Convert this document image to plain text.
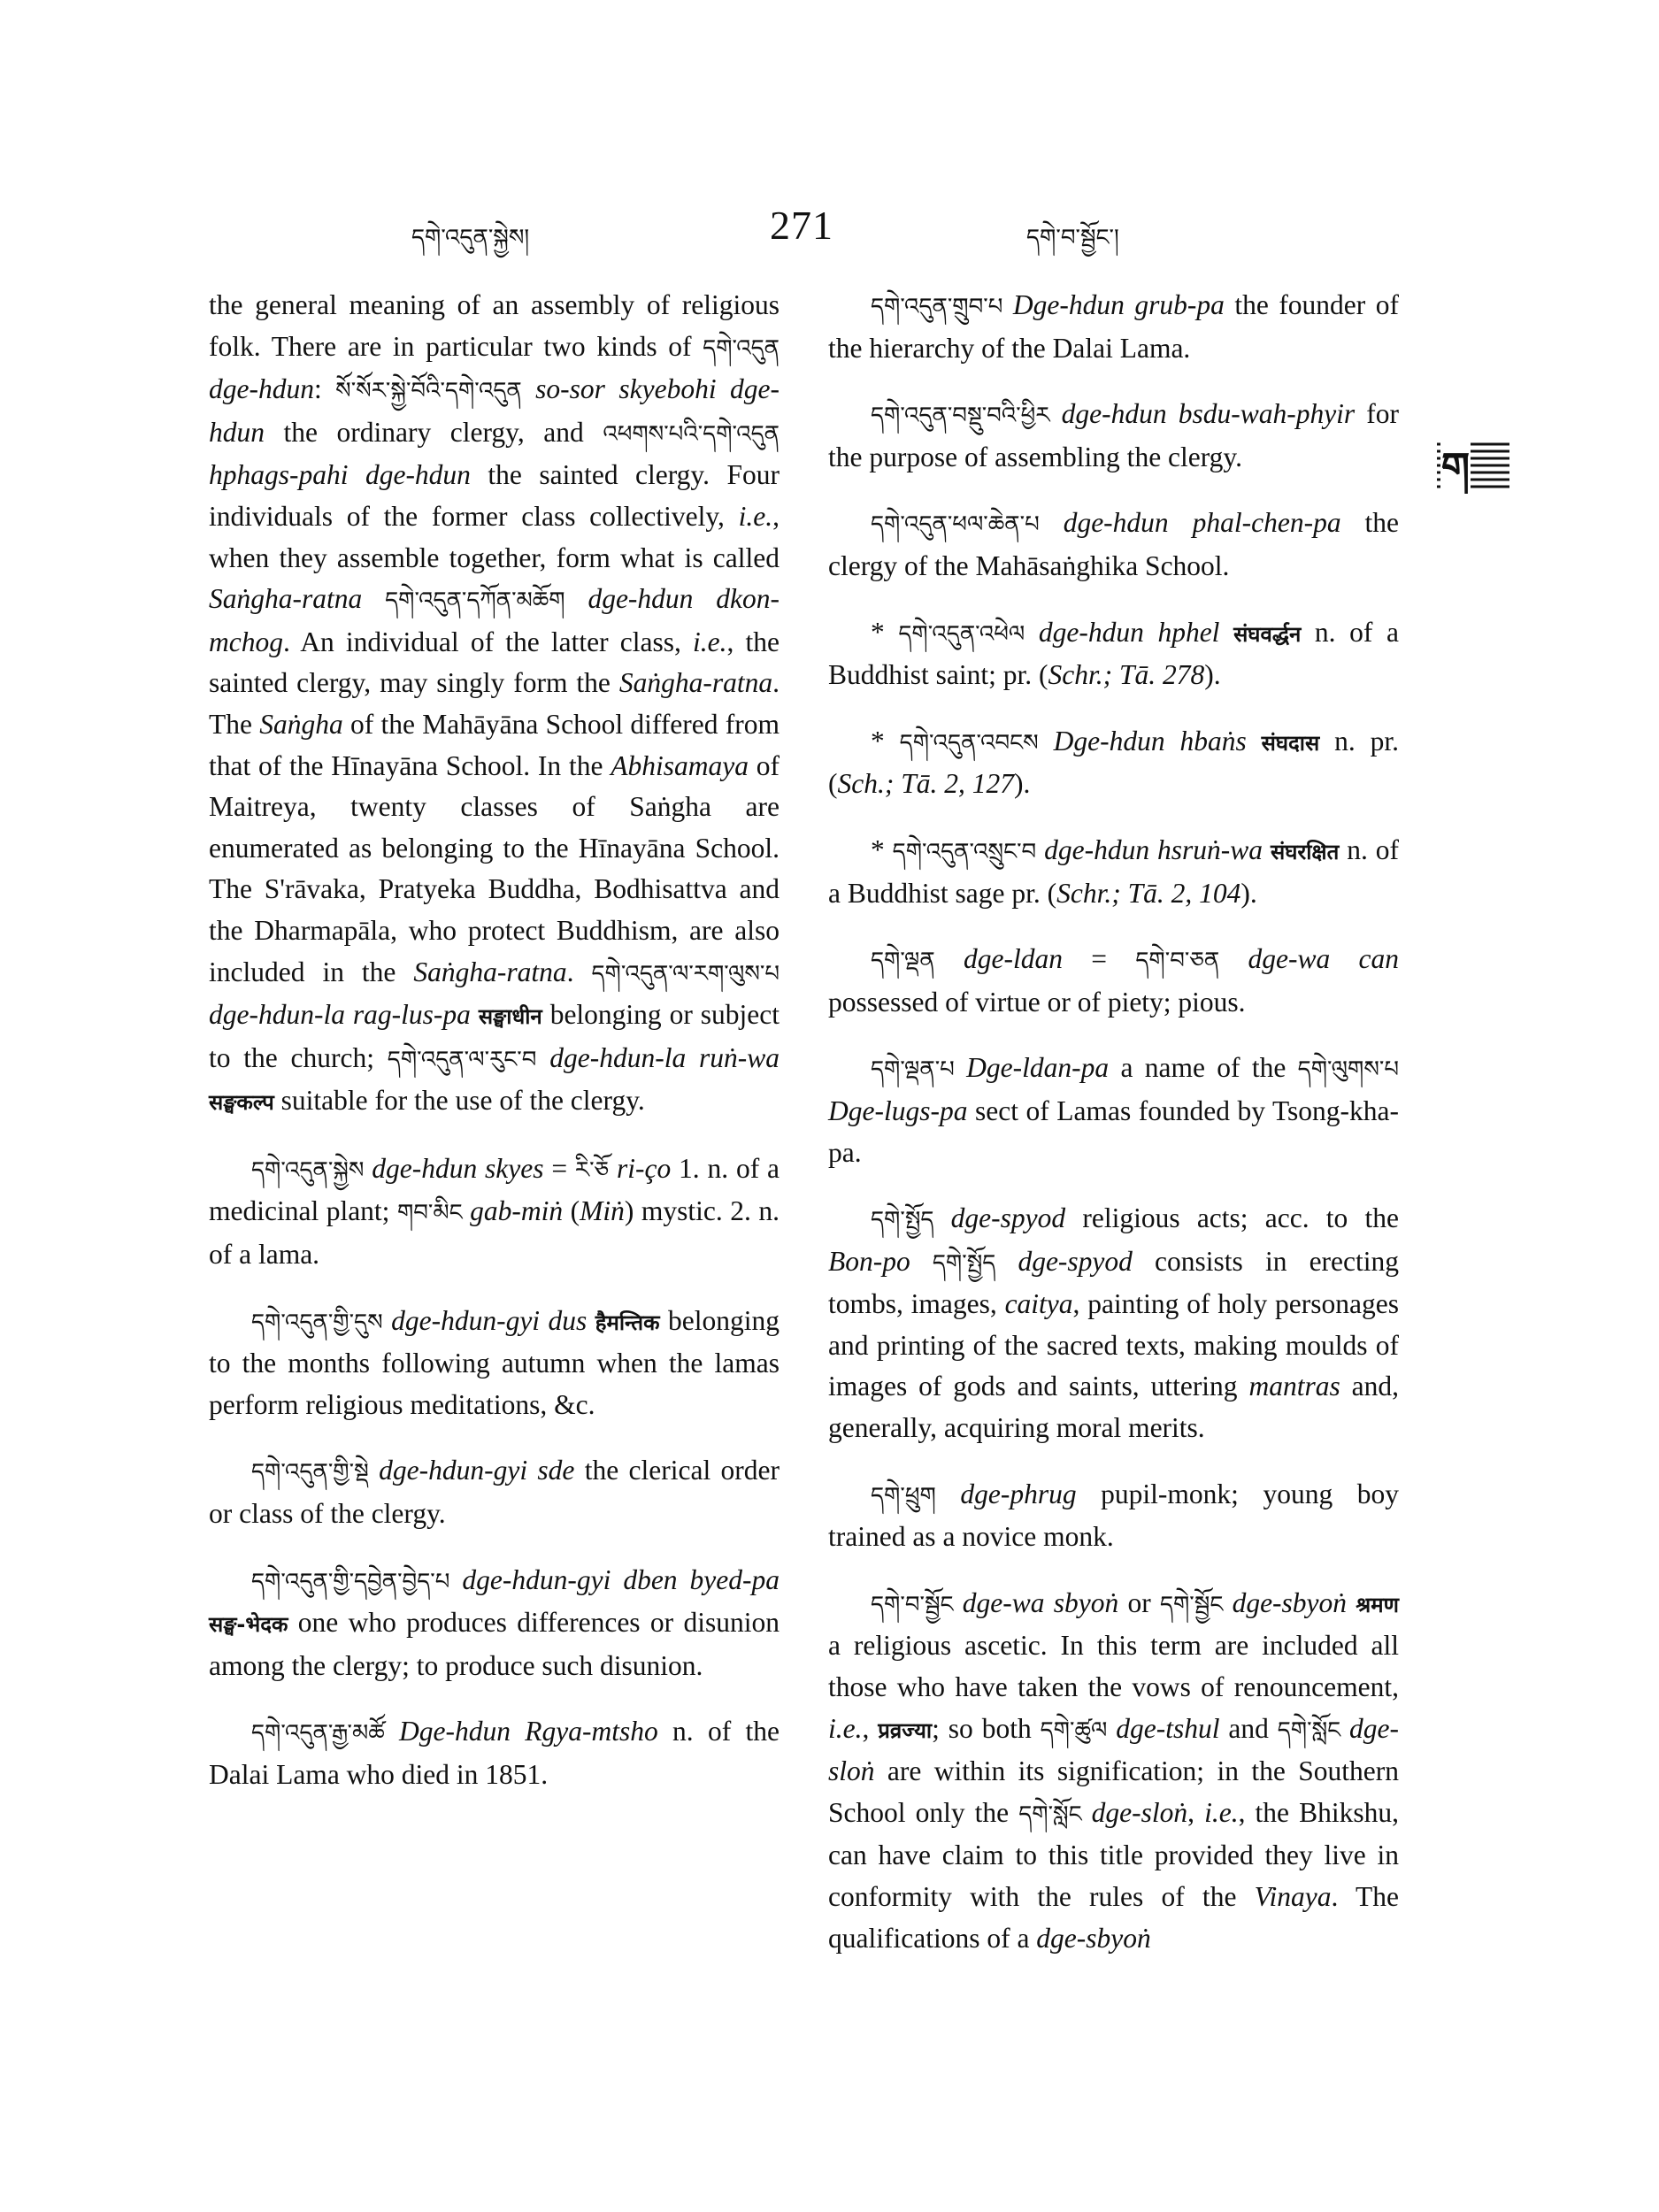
དགེ་འདུན་སྐྱེས།	271	དགེ་བ་སྦྱོང་།
ག

the general meaning of an assembly of religious folk. There are in particular two kinds of དགེ་འདུན dge-hdun: སོ་སོར་སྐྱེ་བོའི་དགེ་འདུན so-sor skyebohi dge-hdun the ordinary clergy, and འཕགས་པའི་དགེ་འདུན hphags-pahi dge-hdun the sainted clergy. Four individuals of the former class collectively, i.e., when they assemble together, form what is called Saṅgha-ratna དགེ་འདུན་དཀོན་མཆོག dge-hdun dkon-mchog. An individual of the latter class, i.e., the sainted clergy, may singly form the Saṅgha-ratna. The Saṅgha of the Mahāyāna School differed from that of the Hīnayāna School. In the Abhisamaya of Maitreya, twenty classes of Saṅgha are enumerated as belonging to the Hīnayāna School. The S'rāvaka, Pratyeka Buddha, Bodhisattva and the Dharmapāla, who protect Buddhism, are also included in the Saṅgha-ratna. དགེ་འདུན་ལ་རག་ལུས་པ dge-hdun-la rag-lus-pa सङ्घाधीन belonging or subject to the church; དགེ་འདུན་ལ་རུང་བ dge-hdun-la ruṅ-wa सङ्घकल्प suitable for the use of the clergy.

དགེ་འདུན་སྐྱེས dge-hdun skyes = རི་ཅོ ri-ço 1. n. of a medicinal plant; གབ་མིང gab-miṅ (Miṅ) mystic. 2. n. of a lama.

དགེ་འདུན་གྱི་དུས dge-hdun-gyi dus हैमन्तिक belonging to the months following autumn when the lamas perform religious meditations, &c.

དགེ་འདུན་གྱི་སྡེ dge-hdun-gyi sde the clerical order or class of the clergy.

དགེ་འདུན་གྱི་དབྱེན་བྱེད་པ dge-hdun-gyi dben byed-pa सङ्घ-भेदक one who produces differences or disunion among the clergy; to produce such disunion.

དགེ་འདུན་རྒྱ་མཚོ Dge-hdun Rgya-mtsho n. of the Dalai Lama who died in 1851.

དགེ་འདུན་གྲུབ་པ Dge-hdun grub-pa the founder of the hierarchy of the Dalai Lama.

དགེ་འདུན་བསྡུ་བའི་ཕྱིར dge-hdun bsdu-wah-phyir for the purpose of assembling the clergy.

དགེ་འདུན་ཕལ་ཆེན་པ dge-hdun phal-chen-pa the clergy of the Mahāsaṅghika School.

* དགེ་འདུན་འཕེལ dge-hdun hphel संघवर्द्धन n. of a Buddhist saint; pr. (Schr.; Tā. 278).

* དགེ་འདུན་འབངས Dge-hdun hbaṅs संघदास n. pr. (Sch.; Tā. 2, 127).

* དགེ་འདུན་འསྲུང་བ dge-hdun hsruṅ-wa संघरक्षित n. of a Buddhist sage pr. (Schr.; Tā. 2, 104).

དགེ་ལྡན dge-ldan = དགེ་བ་ཅན dge-wa can possessed of virtue or of piety; pious.

དགེ་ལྡན་པ Dge-ldan-pa a name of the དགེ་ལུགས་པ Dge-lugs-pa sect of Lamas founded by Tsong-kha-pa.

དགེ་སྤྱོད dge-spyod religious acts; acc. to the Bon-po དགེ་སྤྱོད dge-spyod consists in erecting tombs, images, caitya, painting of holy personages and printing of the sacred texts, making moulds of images of gods and saints, uttering mantras and, generally, acquiring moral merits.

དགེ་ཕྲུག dge-phrug pupil-monk; young boy trained as a novice monk.

དགེ་བ་སྦྱོང dge-wa sbyoṅ or དགེ་སྦྱོང dge-sbyoṅ श्रमण a religious ascetic. In this term are included all those who have taken the vows of renouncement, i.e., प्रव्रज्या; so both དགེ་ཚུལ dge-tshul and དགེ་སློང dge-sloṅ are within its signification; in the Southern School only the དགེ་སློང dge-sloṅ, i.e., the Bhikshu, can have claim to this title provided they live in conformity with the rules of the Vinaya. The qualifications of a dge-sbyoṅ
